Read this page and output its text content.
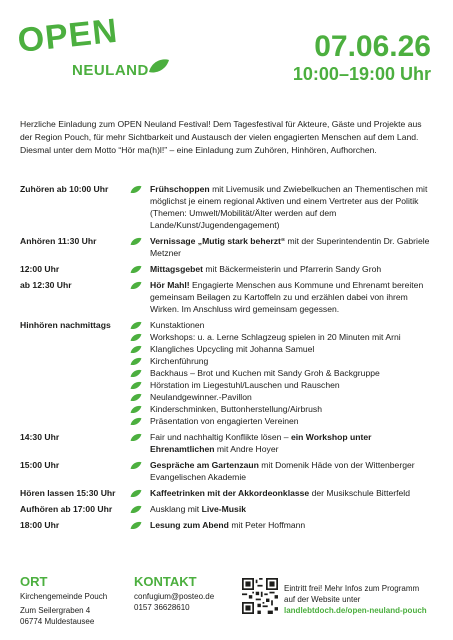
OPEN
NEULAND
07.06.26
10:00–19:00 Uhr
Herzliche Einladung zum OPEN Neuland Festival! Dem Tagesfestival für Akteure, Gäste und Projekte aus der Region Pouch, für mehr Sichtbarkeit und Austausch der vielen engagierten Menschen auf dem Land. Diesmal unter dem Motto “Hör ma(h)l!” – eine Einladung zum Zuhören, Hinhören, Aufhorchen.
Zuhören ab 10:00 Uhr	Frühschoppen mit Livemusik und Zwiebelkuchen an Thementischen mit möglichst je einem regional Aktiven und einem Vertreter aus der Politik (Themen: Umwelt/Mobilität/Älter werden auf dem Lande/Kunst/Jugendengagement)
Anhören 11:30 Uhr	Vernissage „Mutig stark beherzt“ mit der Superintendentin Dr. Gabriele Metzner
12:00 Uhr	Mittagsgebet mit Bäckermeisterin und Pfarrerin Sandy Groh
ab 12:30 Uhr	Hör Mahl! Engagierte Menschen aus Kommune und Ehrenamt bereiten gemeinsam Beilagen zu Kartoffeln zu und erzählen dabei von ihrem Wirken. Im Anschluss wird gemeinsam gegessen.
Hinhören nachmittags	Kunstaktionen
Workshops: u. a. Lerne Schlagzeug spielen in 20 Minuten mit Arni
Klangliches Upcycling mit Johanna Samuel
Kirchenführung
Backhaus – Brot und Kuchen mit Sandy Groh & Backgruppe
Hörstation im Liegestuhl/Lauschen und Rauschen
Neulandgewinner.-Pavillon
Kinderschminken, Buttonherstellung/Airbrush
Präsentation von engagierten Vereinen
14:30 Uhr	Fair und nachhaltig Konflikte lösen – ein Workshop unter Ehrenamtlichen mit Andre Hoyer
15:00 Uhr	Gespräche am Gartenzaun mit Domenik Häde von der Wittenberger Evangelischen Akademie
Hören lassen 15:30 Uhr	Kaffeetrinken mit der Akkordeonklasse der Musikschule Bitterfeld
Aufhören ab 17:00 Uhr	Ausklang mit Live-Musik
18:00 Uhr	Lesung zum Abend mit Peter Hoffmann
ORT
Kirchengemeinde Pouch
Zum Seilergraben 4
06774 Muldestausee
KONTAKT
confugium@posteo.de
0157 36628610
Eintritt frei! Mehr Infos zum Programm
auf der Website unter
landlebtdoch.de/open-neuland-pouch
